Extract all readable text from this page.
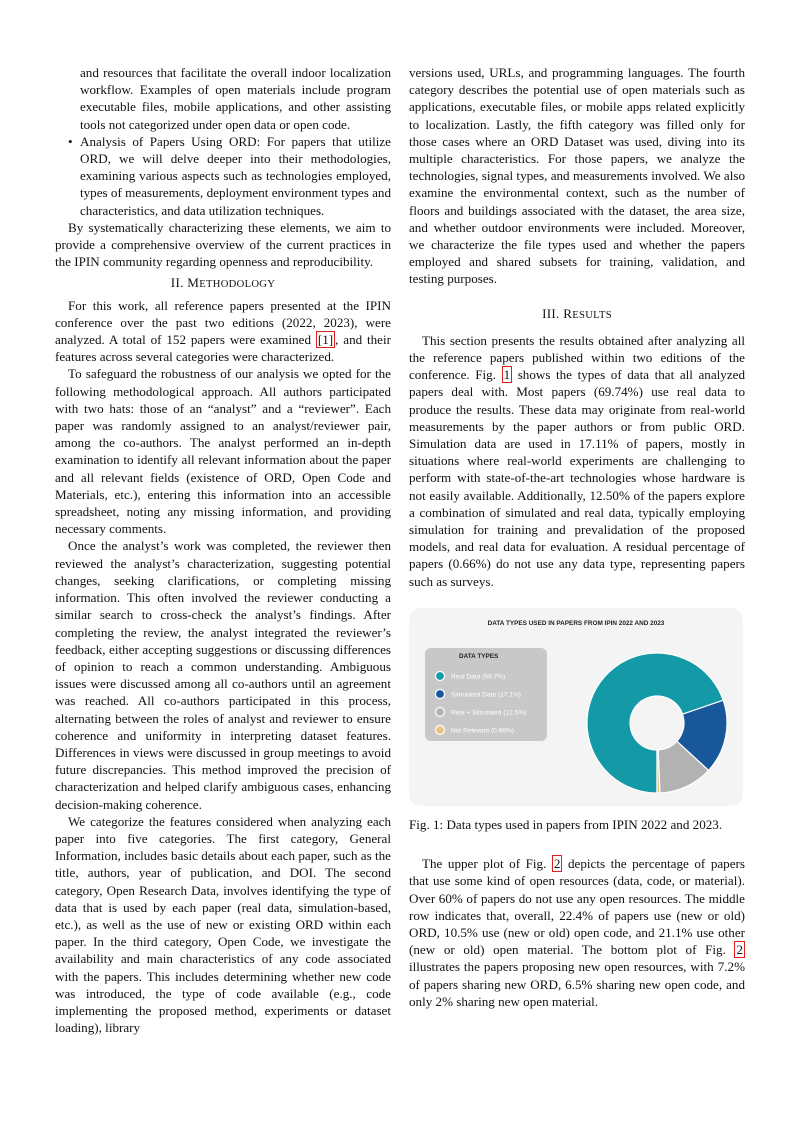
and resources that facilitate the overall indoor localization workflow. Examples of open materials include program executable files, mobile applications, and other assisting tools not categorized under open data or open code.

• Analysis of Papers Using ORD: For papers that utilize ORD, we will delve deeper into their methodologies, examining various aspects such as technologies employed, types of measurements, deployment environment types and characteristics, and data utilization techniques.

By systematically characterizing these elements, we aim to provide a comprehensive overview of the current practices in the IPIN community regarding openness and reproducibility.

II. METHODOLOGY

For this work, all reference papers presented at the IPIN conference over the past two editions (2022, 2023), were analyzed. A total of 152 papers were examined [1] , and their features across several categories were characterized.

To safeguard the robustness of our analysis we opted for the following methodological approach. All authors participated with two hats: those of an “analyst” and a “reviewer”. Each paper was randomly assigned to an analyst/reviewer pair, among the co-authors. The analyst performed an in-depth examination to identify all relevant information about the paper and all relevant fields (existence of ORD, Open Code and Materials, etc.), entering this information into an accessible spreadsheet, noting any missing information, and providing necessary comments.

Once the analyst’s work was completed, the reviewer then reviewed the analyst’s characterization, suggesting potential changes, seeking clarifications, or completing missing information. This often involved the reviewer conducting a similar search to cross-check the analyst’s findings. After completing the review, the analyst integrated the reviewer’s feedback, either accepting suggestions or discussing differences of opinion to reach a common understanding. Ambiguous issues were discussed among all co-authors until an agreement was reached. All co-authors participated in this process, alternating between the roles of analyst and reviewer to ensure coherence and uniformity in interpreting dataset features. Differences in views were discussed in group meetings to avoid future discrepancies. This method improved the precision of characterization and helped clarify ambiguous cases, enhancing decision-making coherence.

We categorize the features considered when analyzing each paper into five categories. The first category, General Information, includes basic details about each paper, such as the title, authors, year of publication, and DOI. The second category, Open Research Data, involves identifying the type of data that is used by each paper (real data, simulation-based, etc.), as well as the use of new or existing ORD within each paper. In the third category, Open Code, we investigate the availability and main characteristics of any code associated with the papers. This includes determining whether new code was introduced, the type of code available (e.g., code implementing the proposed method, experiments or dataset loading), library

versions used, URLs, and programming languages. The fourth category describes the potential use of open materials such as applications, executable files, or mobile apps related explicitly to localization. Lastly, the fifth category was filled only for those cases where an ORD Dataset was used, diving into its multiple characteristics. For those papers, we analyze the technologies, signal types, and measurements involved. We also examine the environmental context, such as the number of floors and buildings associated with the dataset, the area size, and whether outdoor environments were included. Moreover, we characterize the file types used and whether the papers employed and shared subsets for training, validation, and testing purposes.

III. RESULTS

This section presents the results obtained after analyzing all the reference papers published within two editions of the conference. Fig. 1 shows the types of data that all analyzed papers deal with. Most papers (69.74%) use real data to produce the results. These data may originate from real-world measurements by the paper authors or from public ORD. Simulation data are used in 17.11% of papers, mostly in situations where real-world experiments are challenging to perform with state-of-the-art technologies whose hardware is not easily available. Additionally, 12.50% of the papers explore a combination of simulated and real data, typically employing simulation for training and prevalidation of the proposed models, and real data for evaluation. A residual percentage of papers (0.66%) do not use any data type, representing papers such as surveys.

DATA TYPES USED IN PAPERS FROM IPIN 2022 AND 2023
DATA TYPES
Real Data (69.7%)
Simulated Data (17.1%)
Real + Simulated (12.5%)
Not Relevant (0.66%)

Fig. 1: Data types used in papers from IPIN 2022 and 2023.

The upper plot of Fig. 2 depicts the percentage of papers that use some kind of open resources (data, code, or material). Over 60% of papers do not use any open resources. The middle row indicates that, overall, 22.4% of papers use (new or old) ORD, 10.5% use (new or old) open code, and 21.1% use other (new or old) open material. The bottom plot of Fig. 2 illustrates the papers proposing new open resources, with 7.2% of papers sharing new ORD, 6.5% sharing new open code, and only 2% sharing new open material.
